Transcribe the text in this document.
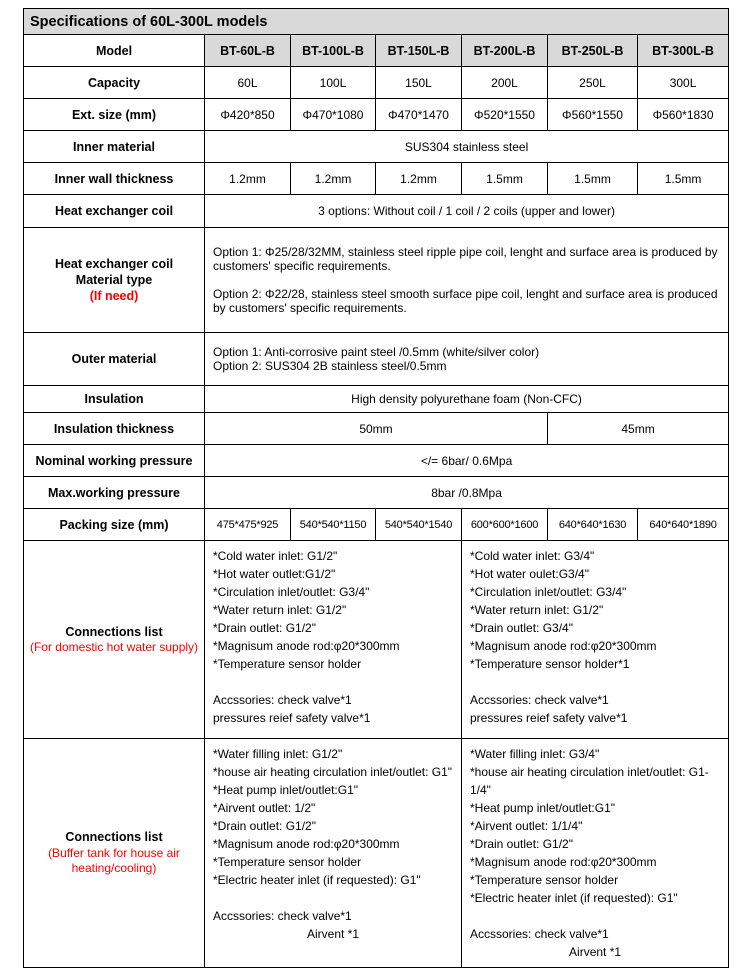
Specifications of 60L-300L models						
Model	BT-60L-B	BT-100L-B	BT-150L-B	BT-200L-B	BT-250L-B	BT-300L-B
Capacity	60L	100L	150L	200L	250L	300L
Ext. size (mm)	Φ420*850	Φ470*1080	Φ470*1470	Φ520*1550	Φ560*1550	Φ560*1830
Inner material	SUS304 stainless steel					
Inner wall thickness	1.2mm	1.2mm	1.2mm	1.5mm	1.5mm	1.5mm
Heat exchanger coil	3 options: Without coil / 1 coil / 2 coils (upper and lower)					

Heat exchanger coil
Material type
(If need)

Option 1: Φ25/28/32MM, stainless steel ripple pipe coil, lenght and surface area is produced by customers' specific requirements.
Option 2: Φ22/28, stainless steel smooth surface pipe coil, lenght and surface area is produced by customers' specific requirements.

Outer material	Option 1: Anti-corrosive paint steel /0.5mm (white/silver color)
Option 2: SUS304 2B stainless steel/0.5mm					

Insulation	High density polyurethane foam (Non-CFC)					
Insulation thickness	50mm				45mm	
Nominal working pressure	</= 6bar/ 0.6Mpa					
Max.working pressure	8bar /0.8Mpa					
Packing size (mm)	475*475*925	540*540*1150	540*540*1540	600*600*1600	640*640*1630	640*640*1890

Connections list
(For domestic hot water supply)

*Cold water inlet: G1/2"
*Hot water outlet:G1/2"
*Circulation inlet/outlet: G3/4"
*Water return inlet: G1/2"
*Drain outlet: G1/2"
*Magnisum anode rod:φ20*300mm
*Temperature sensor holder

Accssories: check valve*1
pressures reief safety valve*1

*Cold water inlet: G3/4"
*Hot water oulet:G3/4"
*Circulation inlet/outlet: G3/4"
*Water return inlet: G1/2"
*Drain outlet: G3/4"
*Magnisum anode rod:φ20*300mm
*Temperature sensor holder*1

Accssories: check valve*1
pressures reief safety valve*1

Connections list
(Buffer tank for house air heating/cooling)

*Water filling inlet: G1/2"
*house air heating circulation inlet/outlet: G1"
*Heat pump inlet/outlet:G1"
*Airvent outlet: 1/2"
*Drain outlet: G1/2"
*Magnisum anode rod:φ20*300mm
*Temperature sensor holder
*Electric heater inlet (if requested): G1"

Accssories: check valve*1
Airvent *1

*Water filling inlet: G3/4"
*house air heating circulation inlet/outlet: G1-1/4"
*Heat pump inlet/outlet:G1"
*Airvent outlet: 1/1/4"
*Drain outlet: G1/2"
*Magnisum anode rod:φ20*300mm
*Temperature sensor holder
*Electric heater inlet (if requested): G1"

Accssories: check valve*1
Airvent *1
